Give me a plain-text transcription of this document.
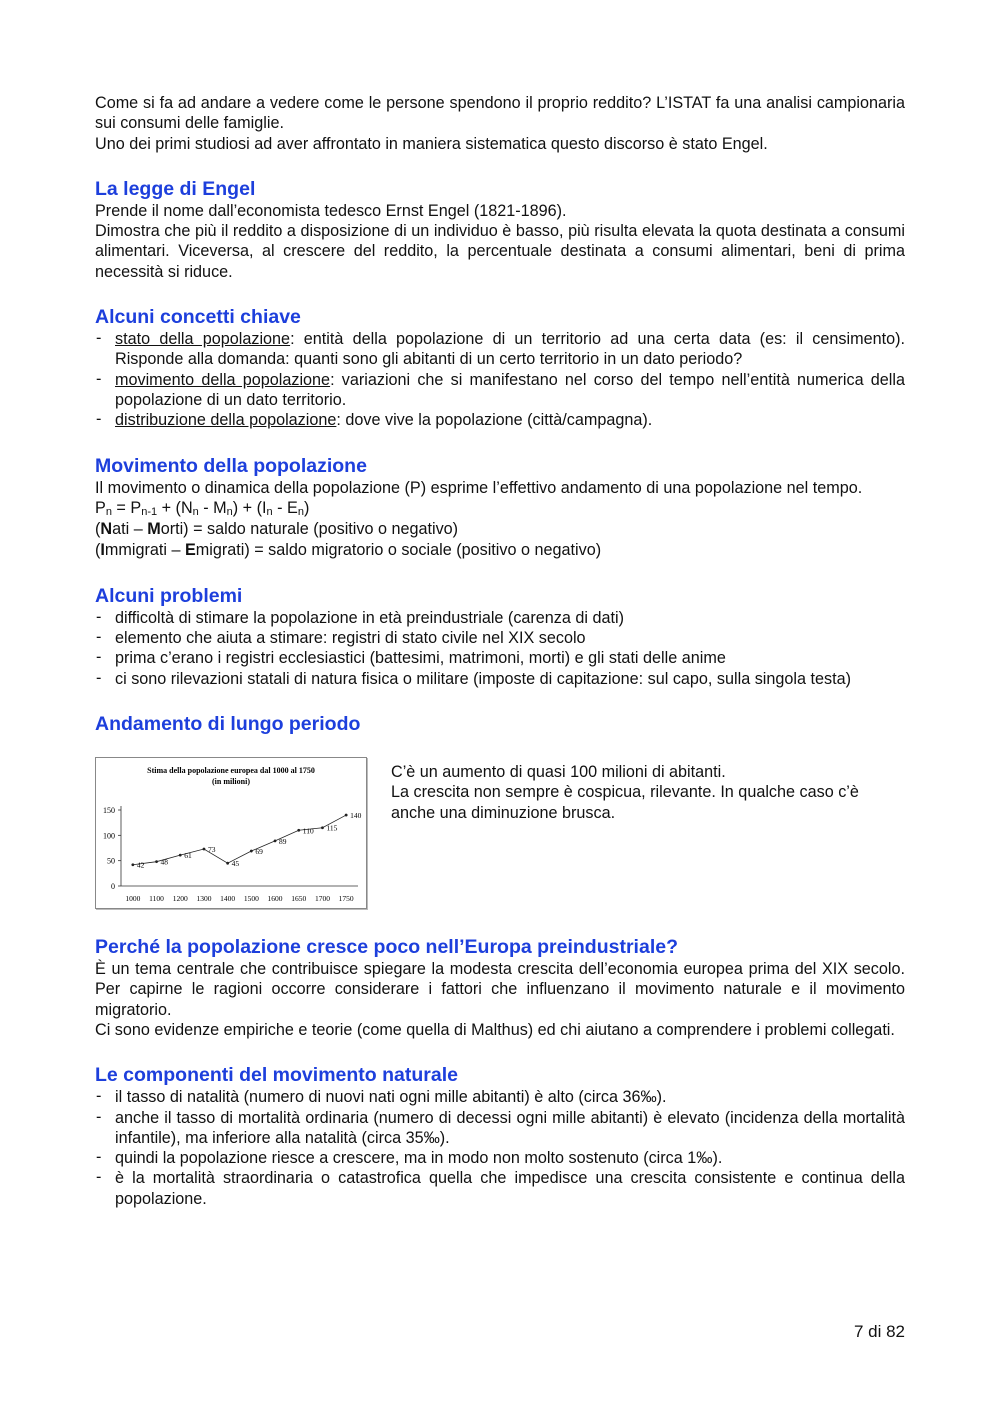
Come si fa ad andare a vedere come le persone spendono il proprio reddito? L’ISTAT fa una analisi campionaria sui consumi delle famiglie.

Uno dei primi studiosi ad aver affrontato in maniera sistematica questo discorso è stato Engel.

La legge di Engel

Prende il nome dall’economista tedesco Ernst Engel (1821-1896).

Dimostra che più il reddito a disposizione di un individuo è basso, più risulta elevata la quota destinata a consumi alimentari. Viceversa, al crescere del reddito, la percentuale destinata a consumi alimentari, beni di prima necessità si riduce.

Alcuni concetti chiave
- stato della popolazione: entità della popolazione di un territorio ad una certa data (es: il censimento). Risponde alla domanda: quanti sono gli abitanti di un certo territorio in un dato periodo?
- movimento della popolazione: variazioni che si manifestano nel corso del tempo nell’entità numerica della popolazione di un dato territorio.
- distribuzione della popolazione: dove vive la popolazione (città/campagna).
Movimento della popolazione

Il movimento o dinamica della popolazione (P) esprime l’effettivo andamento di una popolazione nel tempo.

$P_n = P_{n-1} + (N_n - M_n) + (I_n - E_n)$
(Nati – Morti) = saldo naturale (positivo o negativo)
(Immigrati – Emigrati) = saldo migratorio o sociale (positivo o negativo)
Alcuni problemi
- difficoltà di stimare la popolazione in età preindustriale (carenza di dati)
- elemento che aiuta a stimare: registri di stato civile nel XIX secolo
- prima c’erano i registri ecclesiastici (battesimi, matrimoni, morti) e gli stati delle anime
- ci sono rilevazioni statali di natura fisica o militare (imposte di capitazione: sul capo, sulla singola testa)
Andamento di lungo periodo
Stima della popolazione europea dal 1000 al 1750
(in milioni)
0
50
100
150
1000 1100 1200 1300 1400 1500 1600 1650 1700 1750
42 48
61
73
45
69
89
110 115
140

C’è un aumento di quasi 100 milioni di abitanti.

La crescita non sempre è cospicua, rilevante. In qualche caso c’è anche una diminuzione brusca.

Perché la popolazione cresce poco nell’Europa preindustriale?

È un tema centrale che contribuisce spiegare la modesta crescita dell’economia europea prima del XIX secolo. Per capirne le ragioni occorre considerare i fattori che influenzano il movimento naturale e il movimento migratorio.

Ci sono evidenze empiriche e teorie (come quella di Malthus) ed chi aiutano a comprendere i problemi collegati.

Le componenti del movimento naturale
- il tasso di natalità (numero di nuovi nati ogni mille abitanti) è alto (circa 36‰).
- anche il tasso di mortalità ordinaria (numero di decessi ogni mille abitanti) è elevato (incidenza della mortalità infantile), ma inferiore alla natalità (circa 35‰).
- quindi la popolazione riesce a crescere, ma in modo non molto sostenuto (circa 1‰).
- è la mortalità straordinaria o catastrofica quella che impedisce una crescita consistente e continua della popolazione.
7 di 82
